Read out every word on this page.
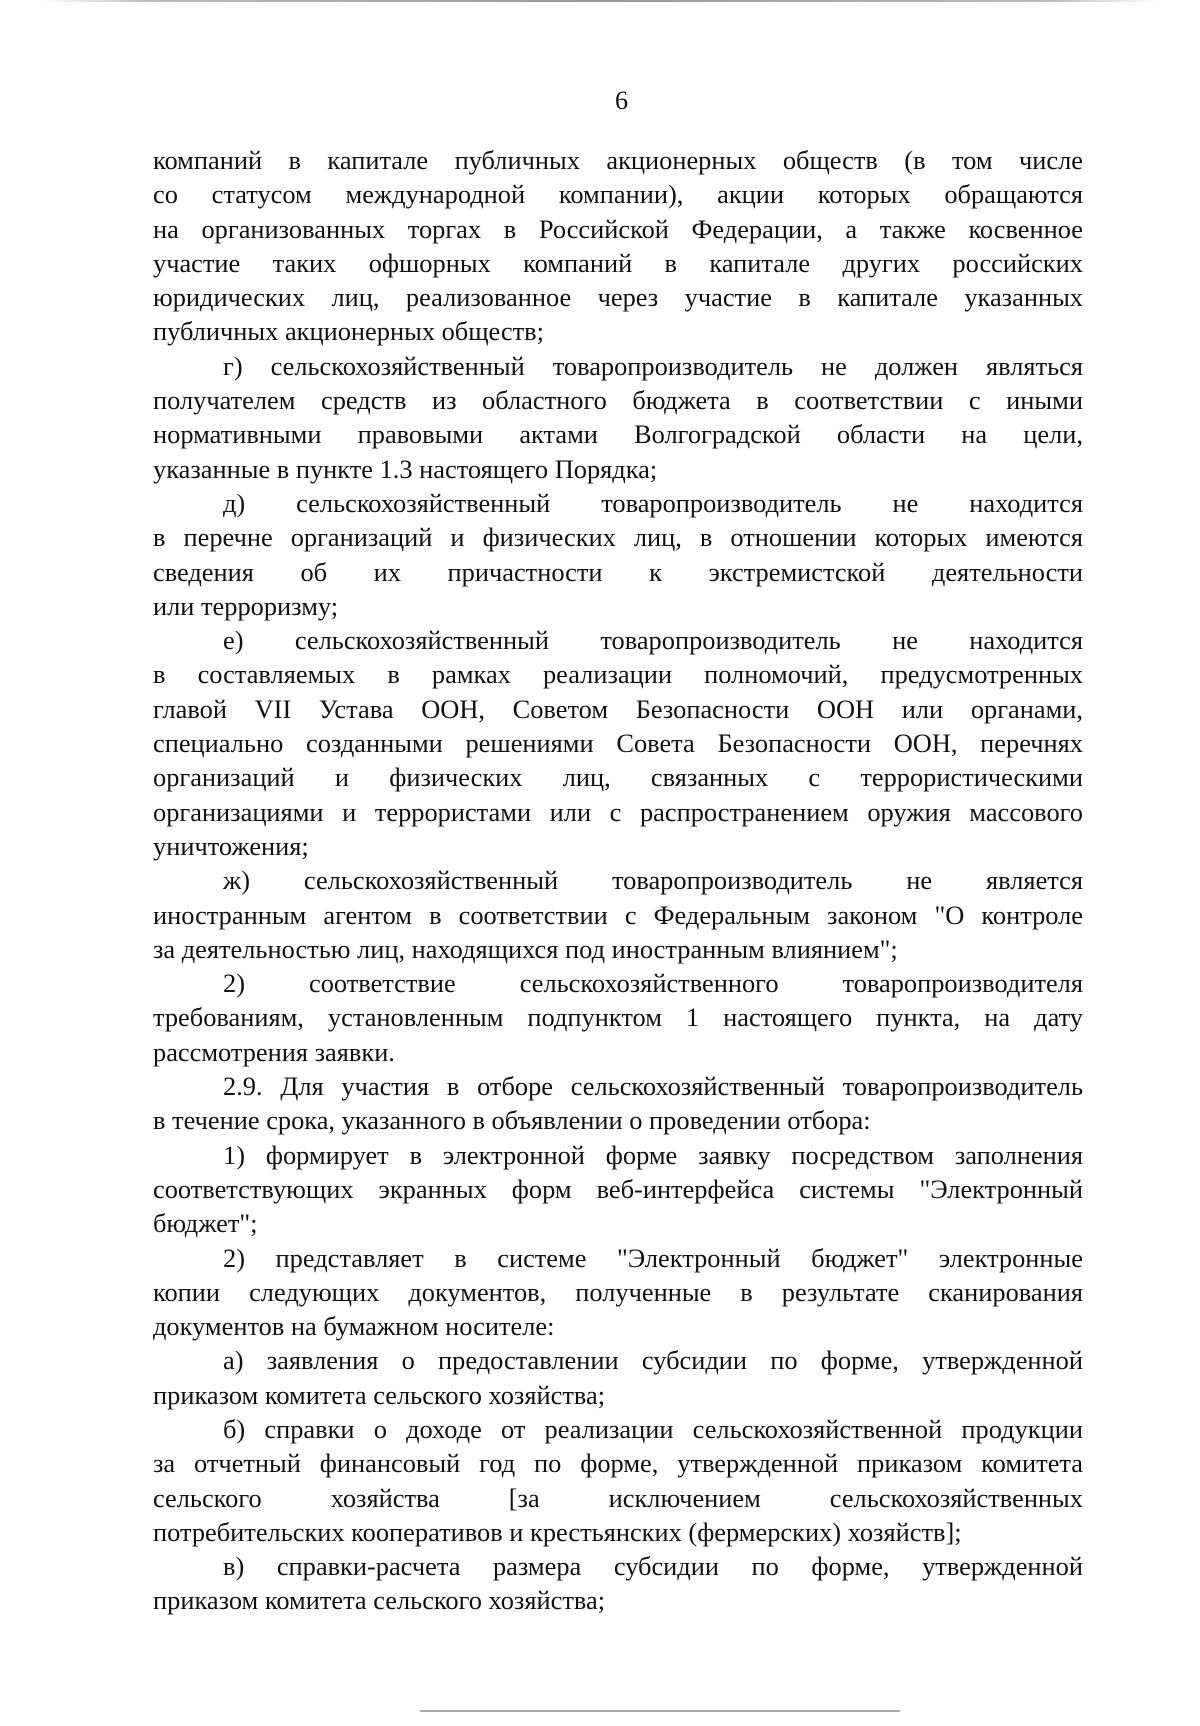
6
компаний в капитале публичных акционерных обществ (в том числе
со статусом международной компании), акции которых обращаются
на организованных торгах в Российской Федерации, а также косвенное
участие таких офшорных компаний в капитале других российских
юридических лиц, реализованное через участие в капитале указанных
публичных акционерных обществ;
г) сельскохозяйственный товаропроизводитель не должен являться
получателем средств из областного бюджета в соответствии с иными
нормативными правовыми актами Волгоградской области на цели,
указанные в пункте 1.3 настоящего Порядка;
д) сельскохозяйственный товаропроизводитель не находится
в перечне организаций и физических лиц, в отношении которых имеются
сведения об их причастности к экстремистской деятельности
или терроризму;
е) сельскохозяйственный товаропроизводитель не находится
в составляемых в рамках реализации полномочий, предусмотренных
главой VII Устава ООН, Советом Безопасности ООН или органами,
специально созданными решениями Совета Безопасности ООН, перечнях
организаций и физических лиц, связанных с террористическими
организациями и террористами или с распространением оружия массового
уничтожения;
ж) сельскохозяйственный товаропроизводитель не является
иностранным агентом в соответствии с Федеральным законом "О контроле
за деятельностью лиц, находящихся под иностранным влиянием";
2) соответствие сельскохозяйственного товаропроизводителя
требованиям, установленным подпунктом 1 настоящего пункта, на дату
рассмотрения заявки.
2.9. Для участия в отборе сельскохозяйственный товаропроизводитель
в течение срока, указанного в объявлении о проведении отбора:
1) формирует в электронной форме заявку посредством заполнения
соответствующих экранных форм веб-интерфейса системы "Электронный
бюджет";
2) представляет в системе "Электронный бюджет" электронные
копии следующих документов, полученные в результате сканирования
документов на бумажном носителе:
а) заявления о предоставлении субсидии по форме, утвержденной
приказом комитета сельского хозяйства;
б) справки о доходе от реализации сельскохозяйственной продукции
за отчетный финансовый год по форме, утвержденной приказом комитета
сельского хозяйства [за исключением сельскохозяйственных
потребительских кооперативов и крестьянских (фермерских) хозяйств];
в) справки-расчета размера субсидии по форме, утвержденной
приказом комитета сельского хозяйства;
